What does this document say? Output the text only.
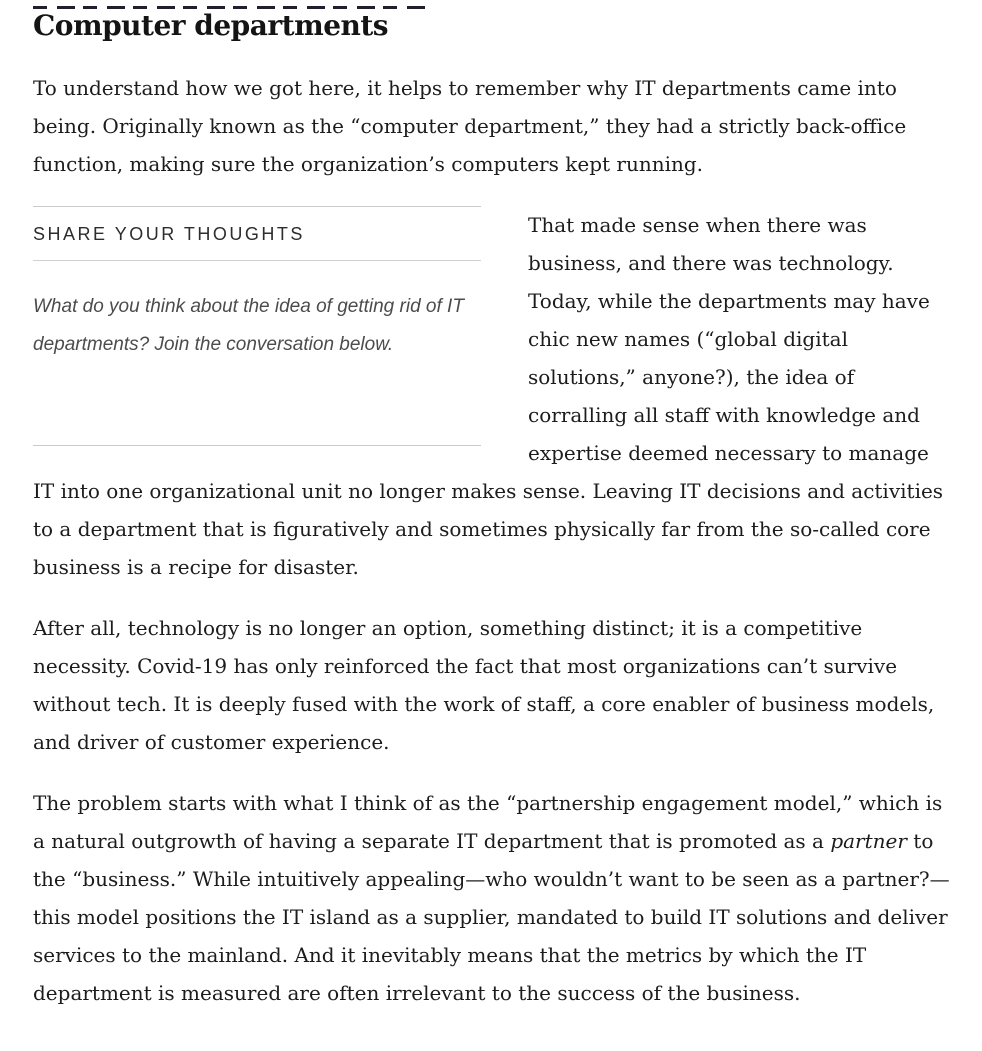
Computer departments

To understand how we got here, it helps to remember why IT departments came into being. Originally known as the “computer department,” they had a strictly back-office function, making sure the organization’s computers kept running.

SHARE YOUR THOUGHTS
What do you think about the idea of getting rid of IT departments? Join the conversation below.
That made sense when there was business, and there was technology. Today, while the departments may have chic new names (“global digital solutions,” anyone?), the idea of corralling all staff with knowledge and expertise deemed necessary to manage IT into one organizational unit no longer makes sense. Leaving IT decisions and activities to a department that is figuratively and sometimes physically far from the so-called core business is a recipe for disaster.

After all, technology is no longer an option, something distinct; it is a competitive necessity. Covid-19 has only reinforced the fact that most organizations can’t survive without tech. It is deeply fused with the work of staff, a core enabler of business models, and driver of customer experience.

The problem starts with what I think of as the “partnership engagement model,” which is a natural outgrowth of having a separate IT department that is promoted as a partner to the “business.” While intuitively appealing—who wouldn’t want to be seen as a partner?—this model positions the IT island as a supplier, mandated to build IT solutions and deliver services to the mainland. And it inevitably means that the metrics by which the IT department is measured are often irrelevant to the success of the business.
